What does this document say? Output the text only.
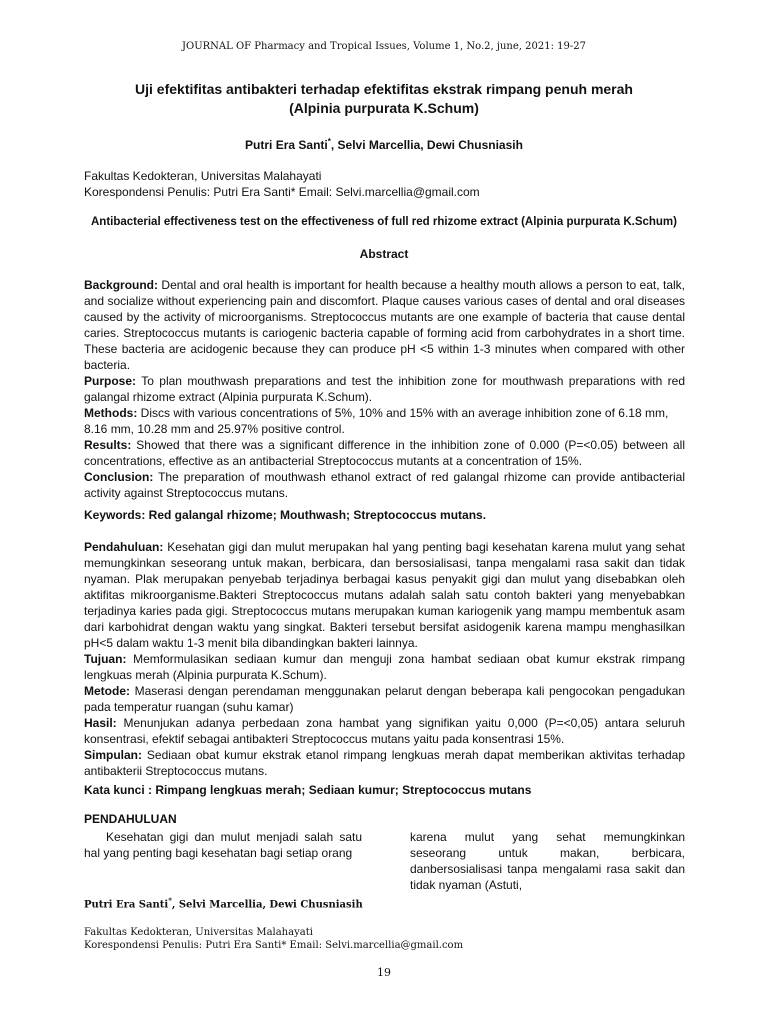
JOURNAL OF Pharmacy and Tropical Issues, Volume 1, No.2, june, 2021: 19-27
Uji efektifitas antibakteri terhadap efektifitas ekstrak rimpang penuh merah
(Alpinia purpurata K.Schum)
Putri Era Santi*, Selvi Marcellia, Dewi Chusniasih
Fakultas Kedokteran, Universitas Malahayati
Korespondensi Penulis: Putri Era Santi* Email: Selvi.marcellia@gmail.com
Antibacterial effectiveness test on the effectiveness of full red rhizome extract (Alpinia purpurata K.Schum)
Abstract

Background: Dental and oral health is important for health because a healthy mouth allows a person to eat, talk, and socialize without experiencing pain and discomfort. Plaque causes various cases of dental and oral diseases caused by the activity of microorganisms. Streptococcus mutants are one example of bacteria that cause dental caries. Streptococcus mutants is cariogenic bacteria capable of forming acid from carbohydrates in a short time. These bacteria are acidogenic because they can produce pH <5 within 1-3 minutes when compared with other bacteria.

Purpose: To plan mouthwash preparations and test the inhibition zone for mouthwash preparations with red galangal rhizome extract (Alpinia purpurata K.Schum).

Methods: Discs with various concentrations of 5%, 10% and 15% with an average inhibition zone of 6.18 mm,

8.16 mm, 10.28 mm and 25.97% positive control.

Results: Showed that there was a significant difference in the inhibition zone of 0.000 (P=<0.05) between all concentrations, effective as an antibacterial Streptococcus mutants at a concentration of 15%.

Conclusion: The preparation of mouthwash ethanol extract of red galangal rhizome can provide antibacterial activity against Streptococcus mutans.

Keywords: Red galangal rhizome; Mouthwash; Streptococcus mutans.

Pendahuluan: Kesehatan gigi dan mulut merupakan hal yang penting bagi kesehatan karena mulut yang sehat memungkinkan seseorang untuk makan, berbicara, dan bersosialisasi, tanpa mengalami rasa sakit dan tidak nyaman. Plak merupakan penyebab terjadinya berbagai kasus penyakit gigi dan mulut yang disebabkan oleh aktifitas mikroorganisme.Bakteri Streptococcus mutans adalah salah satu contoh bakteri yang menyebabkan terjadinya karies pada gigi. Streptococcus mutans merupakan kuman kariogenik yang mampu membentuk asam dari karbohidrat dengan waktu yang singkat. Bakteri tersebut bersifat asidogenik karena mampu menghasilkan pH<5 dalam waktu 1-3 menit bila dibandingkan bakteri lainnya.

Tujuan: Memformulasikan sediaan kumur dan menguji zona hambat sediaan obat kumur ekstrak rimpang lengkuas merah (Alpinia purpurata K.Schum).

Metode: Maserasi dengan perendaman menggunakan pelarut dengan beberapa kali pengocokan pengadukan pada temperatur ruangan (suhu kamar)

Hasil: Menunjukan adanya perbedaan zona hambat yang signifikan yaitu 0,000 (P=<0,05) antara seluruh konsentrasi, efektif sebagai antibakteri Streptococcus mutans yaitu pada konsentrasi 15%.

Simpulan: Sediaan obat kumur ekstrak etanol rimpang lengkuas merah dapat memberikan aktivitas terhadap antibakterii Streptococcus mutans.

Kata kunci : Rimpang lengkuas merah; Sediaan kumur; Streptococcus mutans
PENDAHULUAN

Kesehatan gigi dan mulut menjadi salah satu hal yang penting bagi kesehatan bagi setiap orang

karena mulut yang sehat memungkinkan seseorang untuk makan, berbicara, danbersosialisasi tanpa mengalami rasa sakit dan tidak nyaman (Astuti,

Putri Era Santi*, Selvi Marcellia, Dewi Chusniasih
Fakultas Kedokteran, Universitas Malahayati
Korespondensi Penulis: Putri Era Santi* Email: Selvi.marcellia@gmail.com
19
